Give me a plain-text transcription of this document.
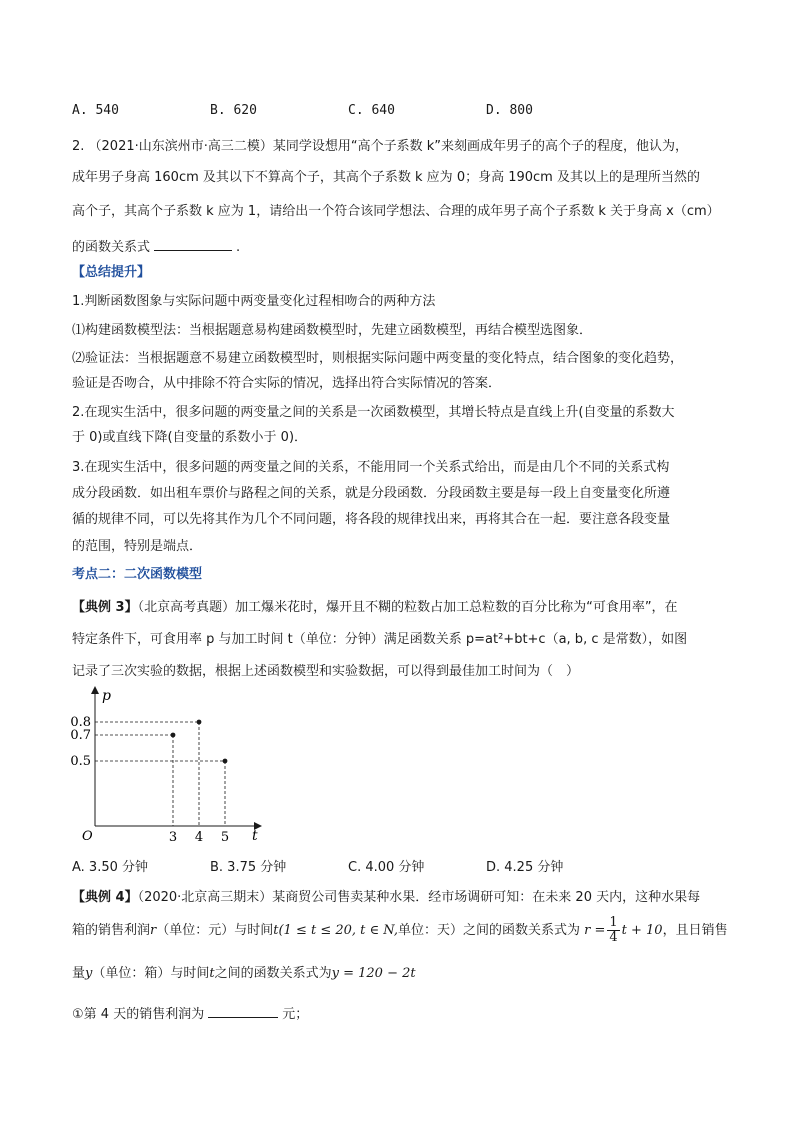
A. 540	B. 620	C. 640	D. 800
2. （2021·山东滨州市·高三二模）某同学设想用“高个子系数 k”来刻画成年男子的高个子的程度，他认为，
成年男子身高 160cm 及其以下不算高个子，其高个子系数 k 应为 0；身高 190cm 及其以上的是理所当然的
高个子，其高个子系数 k 应为 1，请给出一个符合该同学想法、合理的成年男子高个子系数 k 关于身高 x（cm）
的函数关系式	.
【总结提升】
1.判断函数图象与实际问题中两变量变化过程相吻合的两种方法
⑴构建函数模型法：当根据题意易构建函数模型时，先建立函数模型，再结合模型选图象．
⑵验证法：当根据题意不易建立函数模型时，则根据实际问题中两变量的变化特点，结合图象的变化趋势，
验证是否吻合，从中排除不符合实际的情况，选择出符合实际情况的答案．
2.在现实生活中，很多问题的两变量之间的关系是一次函数模型，其增长特点是直线上升(自变量的系数大
于 0)或直线下降(自变量的系数小于 0)．
3.在现实生活中，很多问题的两变量之间的关系，不能用同一个关系式给出，而是由几个不同的关系式构
成分段函数．如出租车票价与路程之间的关系，就是分段函数．分段函数主要是每一段上自变量变化所遵
循的规律不同，可以先将其作为几个不同问题，将各段的规律找出来，再将其合在一起．要注意各段变量
的范围，特别是端点．
考点二：二次函数模型
【典例 3】（北京高考真题）加工爆米花时，爆开且不糊的粒数占加工总粒数的百分比称为“可食用率”，在
特定条件下，可食用率 p 与加工时间 t（单位：分钟）满足函数关系 p=at²+bt+c（a, b, c 是常数），如图
记录了三次实验的数据，根据上述函数模型和实验数据，可以得到最佳加工时间为（　）
p
t
O	3 4 5
0.8
0.7
0.5
A. 3.50 分钟	B. 3.75 分钟	C. 4.00 分钟	D. 4.25 分钟
【典例 4】（2020·北京高三期末）某商贸公司售卖某种水果．经市场调研可知：在未来 20 天内，这种水果每
箱的销售利润r（单位：元）与时间t(1 ≤ t ≤ 20, t ∈ N,单位：天）之间的函数关系式为 $r = \frac{1}{4}$ t + 10，且日销售
量y（单位：箱）与时间t之间的函数关系式为y = 120 − 2t
①第 4 天的销售利润为	元；
